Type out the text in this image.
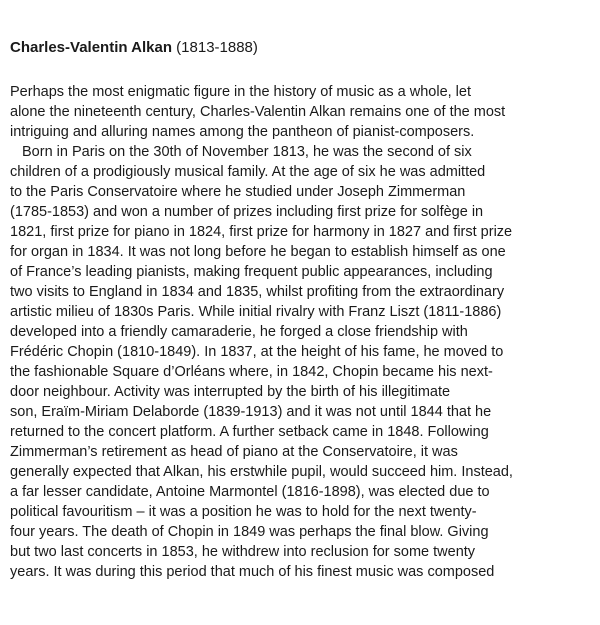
Charles-Valentin Alkan (1813-1888)
Perhaps the most enigmatic figure in the history of music as a whole, let
alone the nineteenth century, Charles-Valentin Alkan remains one of the most
intriguing and alluring names among the pantheon of pianist-composers.
Born in Paris on the 30th of November 1813, he was the second of six
children of a prodigiously musical family. At the age of six he was admitted
to the Paris Conservatoire where he studied under Joseph Zimmerman
(1785-1853) and won a number of prizes including first prize for solfège in
1821, first prize for piano in 1824, first prize for harmony in 1827 and first prize
for organ in 1834. It was not long before he began to establish himself as one
of France’s leading pianists, making frequent public appearances, including
two visits to England in 1834 and 1835, whilst profiting from the extraordinary
artistic milieu of 1830s Paris. While initial rivalry with Franz Liszt (1811-1886)
developed into a friendly camaraderie, he forged a close friendship with
Frédéric Chopin (1810-1849). In 1837, at the height of his fame, he moved to
the fashionable Square d’Orléans where, in 1842, Chopin became his next-
door neighbour. Activity was interrupted by the birth of his illegitimate
son, Eraïm-Miriam Delaborde (1839-1913) and it was not until 1844 that he
returned to the concert platform. A further setback came in 1848. Following
Zimmerman’s retirement as head of piano at the Conservatoire, it was
generally expected that Alkan, his erstwhile pupil, would succeed him. Instead,
a far lesser candidate, Antoine Marmontel (1816-1898), was elected due to
political favouritism – it was a position he was to hold for the next twenty-
four years. The death of Chopin in 1849 was perhaps the final blow. Giving
but two last concerts in 1853, he withdrew into reclusion for some twenty
years. It was during this period that much of his finest music was composed
